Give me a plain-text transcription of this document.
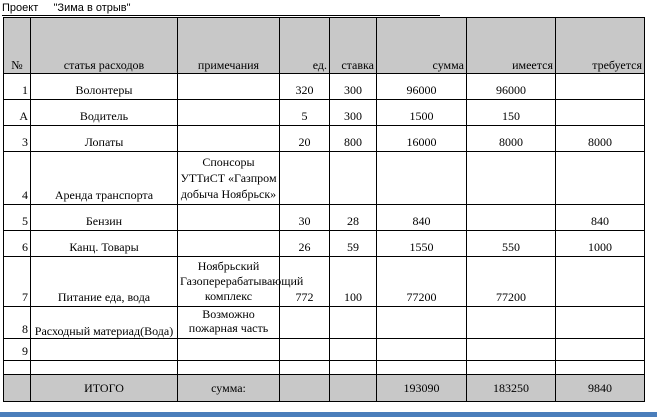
Проект "Зима в отрыв"
№	статья расходов	примечания	ед.	ставка	сумма	имеется	требуется
1	Волонтеры		320	300	96000	96000	
А	Водитель		5	300	1500	150	
3	Лопаты		20	800	16000	8000	8000
4	Аренда транспорта	Спонсоры УТТиСТ «Газпром добыча Ноябрьск»					
5	Бензин		30	28	840		840
6	Канц. Товары		26	59	1550	550	1000
7	Питание еда, вода	Ноябрьский Газоперерабатывающий комплекс	772	100	77200	77200	
8	Расходный материад(Вода)	Возможно пожарная часть					
9							

	ИТОГО	сумма:			193090	183250	9840
